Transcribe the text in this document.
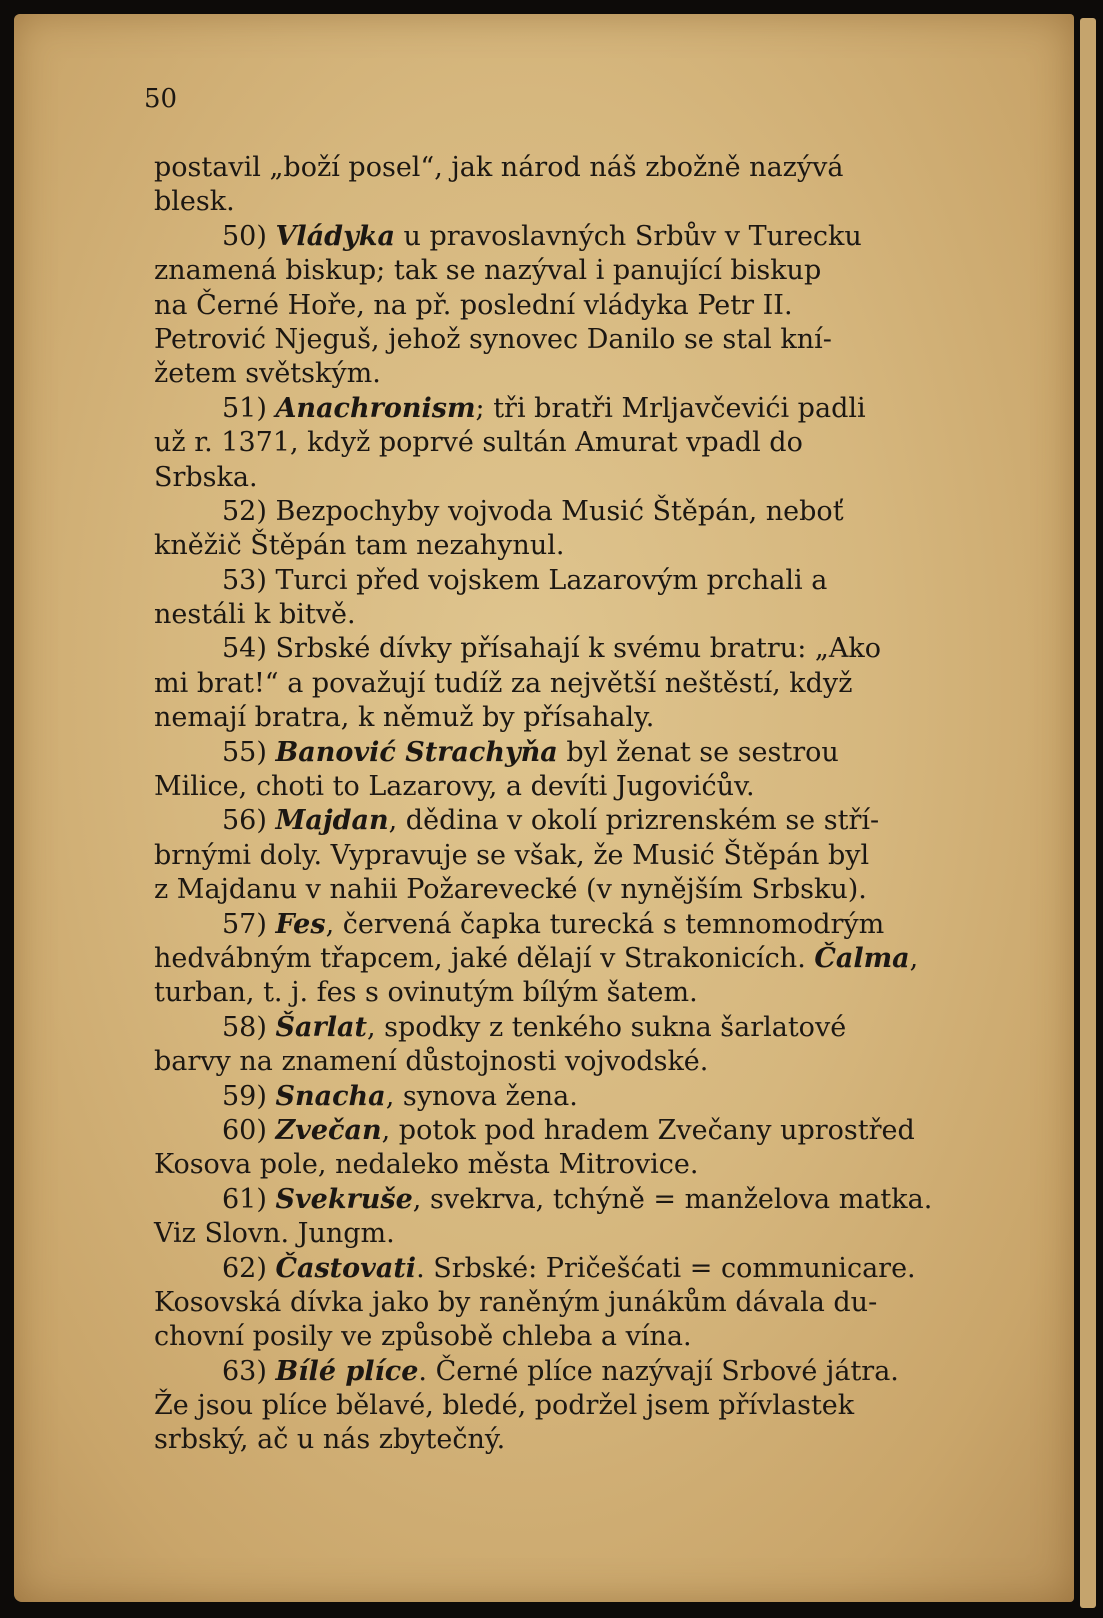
50

postavil „boží posel“, jak národ náš zbožně nazývá
blesk.
50) Vládyka u pravoslavných Srbův v Turecku
znamená biskup; tak se nazýval i panující biskup
na Černé Hoře, na př. poslední vládyka Petr II.
Petrović Njeguš, jehož synovec Danilo se stal kní-
žetem světským.
51) Anachronism; tři bratři Mrljavčevići padli
už r. 1371, když poprvé sultán Amurat vpadl do
Srbska.
52) Bezpochyby vojvoda Musić Štěpán, neboť
kněžič Štěpán tam nezahynul.
53) Turci před vojskem Lazarovým prchali a
nestáli k bitvě.
54) Srbské dívky přísahají k svému bratru: „Ako
mi brat!“ a považují tudíž za největší neštěstí, když
nemají bratra, k němuž by přísahaly.
55) Banović Strachyňa byl ženat se sestrou
Milice, choti to Lazarovy, a devíti Jugovićův.
56) Majdan, dědina v okolí prizrenském se stří-
brnými doly. Vypravuje se však, že Musić Štěpán byl
z Majdanu v nahii Požarevecké (v nynějším Srbsku).
57) Fes, červená čapka turecká s temnomodrým
hedvábným třapcem, jaké dělají v Strakonicích. Čalma,
turban, t. j. fes s ovinutým bílým šatem.
58) Šarlat, spodky z tenkého sukna šarlatové
barvy na znamení důstojnosti vojvodské.
59) Snacha, synova žena.
60) Zvečan, potok pod hradem Zvečany uprostřed
Kosova pole, nedaleko města Mitrovice.
61) Svekruše, svekrva, tchýně = manželova matka.
Viz Slovn. Jungm.
62) Častovati. Srbské: Pričešćati = communicare.
Kosovská dívka jako by raněným junákům dávala du-
chovní posily ve způsobě chleba a vína.
63) Bílé plíce. Černé plíce nazývají Srbové játra.
Že jsou plíce bělavé, bledé, podržel jsem přívlastek
srbský, ač u nás zbytečný.
